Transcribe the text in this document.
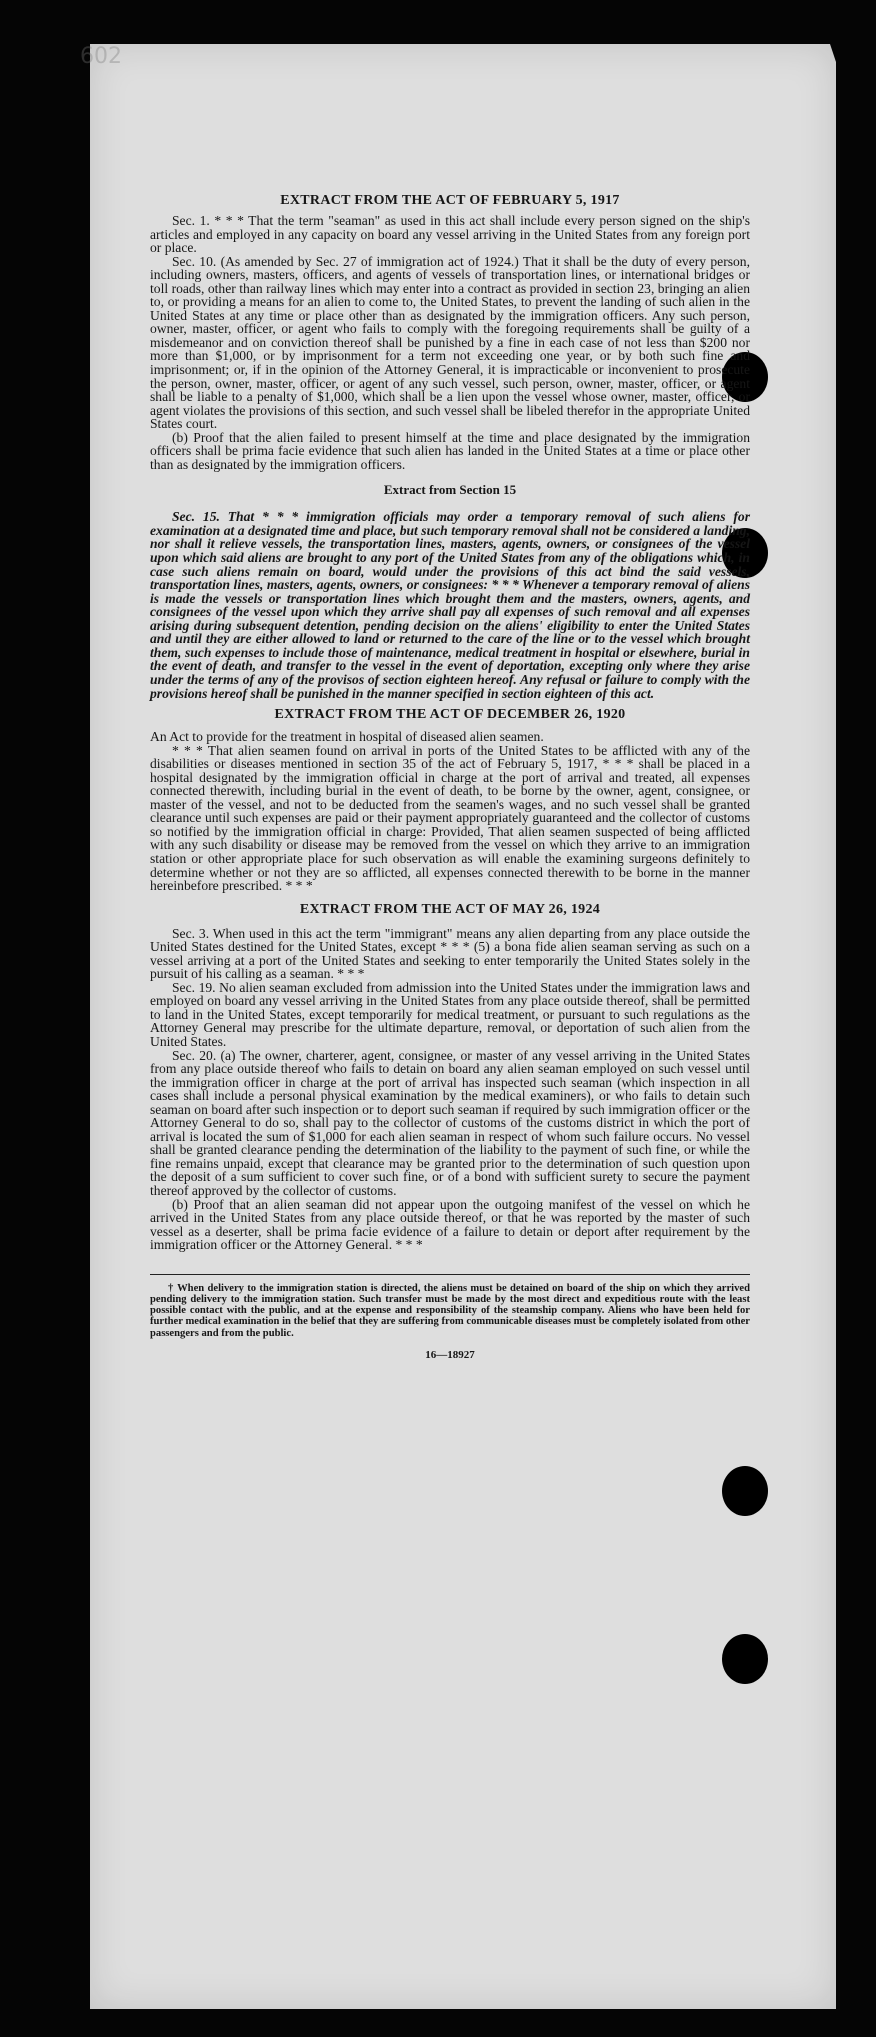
602
EXTRACT FROM THE ACT OF FEBRUARY 5, 1917

Sec. 1. * * * That the term "seaman" as used in this act shall include every person signed on the ship's articles and employed in any capacity on board any vessel arriving in the United States from any foreign port or place.

Sec. 10. (As amended by Sec. 27 of immigration act of 1924.) That it shall be the duty of every person, including owners, masters, officers, and agents of vessels of transportation lines, or international bridges or toll roads, other than railway lines which may enter into a contract as provided in section 23, bringing an alien to, or providing a means for an alien to come to, the United States, to prevent the landing of such alien in the United States at any time or place other than as designated by the immigration officers. Any such person, owner, master, officer, or agent who fails to comply with the foregoing requirements shall be guilty of a misdemeanor and on conviction thereof shall be punished by a fine in each case of not less than $200 nor more than $1,000, or by imprisonment for a term not exceeding one year, or by both such fine and imprisonment; or, if in the opinion of the Attorney General, it is impracticable or inconvenient to prosecute the person, owner, master, officer, or agent of any such vessel, such person, owner, master, officer, or agent shall be liable to a penalty of $1,000, which shall be a lien upon the vessel whose owner, master, officer, or agent violates the provisions of this section, and such vessel shall be libeled therefor in the appropriate United States court.

(b) Proof that the alien failed to present himself at the time and place designated by the immigration officers shall be prima facie evidence that such alien has landed in the United States at a time or place other than as designated by the immigration officers.

Extract from Section 15

Sec. 15. That * * * immigration officials may order a temporary removal of such aliens for examination at a designated time and place, but such temporary removal shall not be considered a landing, nor shall it relieve vessels, the transportation lines, masters, agents, owners, or consignees of the vessel upon which said aliens are brought to any port of the United States from any of the obligations which, in case such aliens remain on board, would under the provisions of this act bind the said vessels, transportation lines, masters, agents, owners, or consignees: * * * Whenever a temporary removal of aliens is made the vessels or transportation lines which brought them and the masters, owners, agents, and consignees of the vessel upon which they arrive shall pay all expenses of such removal and all expenses arising during subsequent detention, pending decision on the aliens' eligibility to enter the United States and until they are either allowed to land or returned to the care of the line or to the vessel which brought them, such expenses to include those of maintenance, medical treatment in hospital or elsewhere, burial in the event of death, and transfer to the vessel in the event of deportation, excepting only where they arise under the terms of any of the provisos of section eighteen hereof. Any refusal or failure to comply with the provisions hereof shall be punished in the manner specified in section eighteen of this act.

EXTRACT FROM THE ACT OF DECEMBER 26, 1920

An Act to provide for the treatment in hospital of diseased alien seamen.

* * * That alien seamen found on arrival in ports of the United States to be afflicted with any of the disabilities or diseases mentioned in section 35 of the act of February 5, 1917, * * * shall be placed in a hospital designated by the immigration official in charge at the port of arrival and treated, all expenses connected therewith, including burial in the event of death, to be borne by the owner, agent, consignee, or master of the vessel, and not to be deducted from the seamen's wages, and no such vessel shall be granted clearance until such expenses are paid or their payment appropriately guaranteed and the collector of customs so notified by the immigration official in charge: Provided, That alien seamen suspected of being afflicted with any such disability or disease may be removed from the vessel on which they arrive to an immigration station or other appropriate place for such observation as will enable the examining surgeons definitely to determine whether or not they are so afflicted, all expenses connected therewith to be borne in the manner hereinbefore prescribed. * * *

EXTRACT FROM THE ACT OF MAY 26, 1924

Sec. 3. When used in this act the term "immigrant" means any alien departing from any place outside the United States destined for the United States, except * * * (5) a bona fide alien seaman serving as such on a vessel arriving at a port of the United States and seeking to enter temporarily the United States solely in the pursuit of his calling as a seaman. * * *

Sec. 19. No alien seaman excluded from admission into the United States under the immigration laws and employed on board any vessel arriving in the United States from any place outside thereof, shall be permitted to land in the United States, except temporarily for medical treatment, or pursuant to such regulations as the Attorney General may prescribe for the ultimate departure, removal, or deportation of such alien from the United States.

Sec. 20. (a) The owner, charterer, agent, consignee, or master of any vessel arriving in the United States from any place outside thereof who fails to detain on board any alien seaman employed on such vessel until the immigration officer in charge at the port of arrival has inspected such seaman (which inspection in all cases shall include a personal physical examination by the medical examiners), or who fails to detain such seaman on board after such inspection or to deport such seaman if required by such immigration officer or the Attorney General to do so, shall pay to the collector of customs of the customs district in which the port of arrival is located the sum of $1,000 for each alien seaman in respect of whom such failure occurs. No vessel shall be granted clearance pending the determination of the liability to the payment of such fine, or while the fine remains unpaid, except that clearance may be granted prior to the determination of such question upon the deposit of a sum sufficient to cover such fine, or of a bond with sufficient surety to secure the payment thereof approved by the collector of customs.

(b) Proof that an alien seaman did not appear upon the outgoing manifest of the vessel on which he arrived in the United States from any place outside thereof, or that he was reported by the master of such vessel as a deserter, shall be prima facie evidence of a failure to detain or deport after requirement by the immigration officer or the Attorney General. * * *

† When delivery to the immigration station is directed, the aliens must be detained on board of the ship on which they arrived pending delivery to the immigration station. Such transfer must be made by the most direct and expeditious route with the least possible contact with the public, and at the expense and responsibility of the steamship company. Aliens who have been held for further medical examination in the belief that they are suffering from communicable diseases must be completely isolated from other passengers and from the public.

16—18927
